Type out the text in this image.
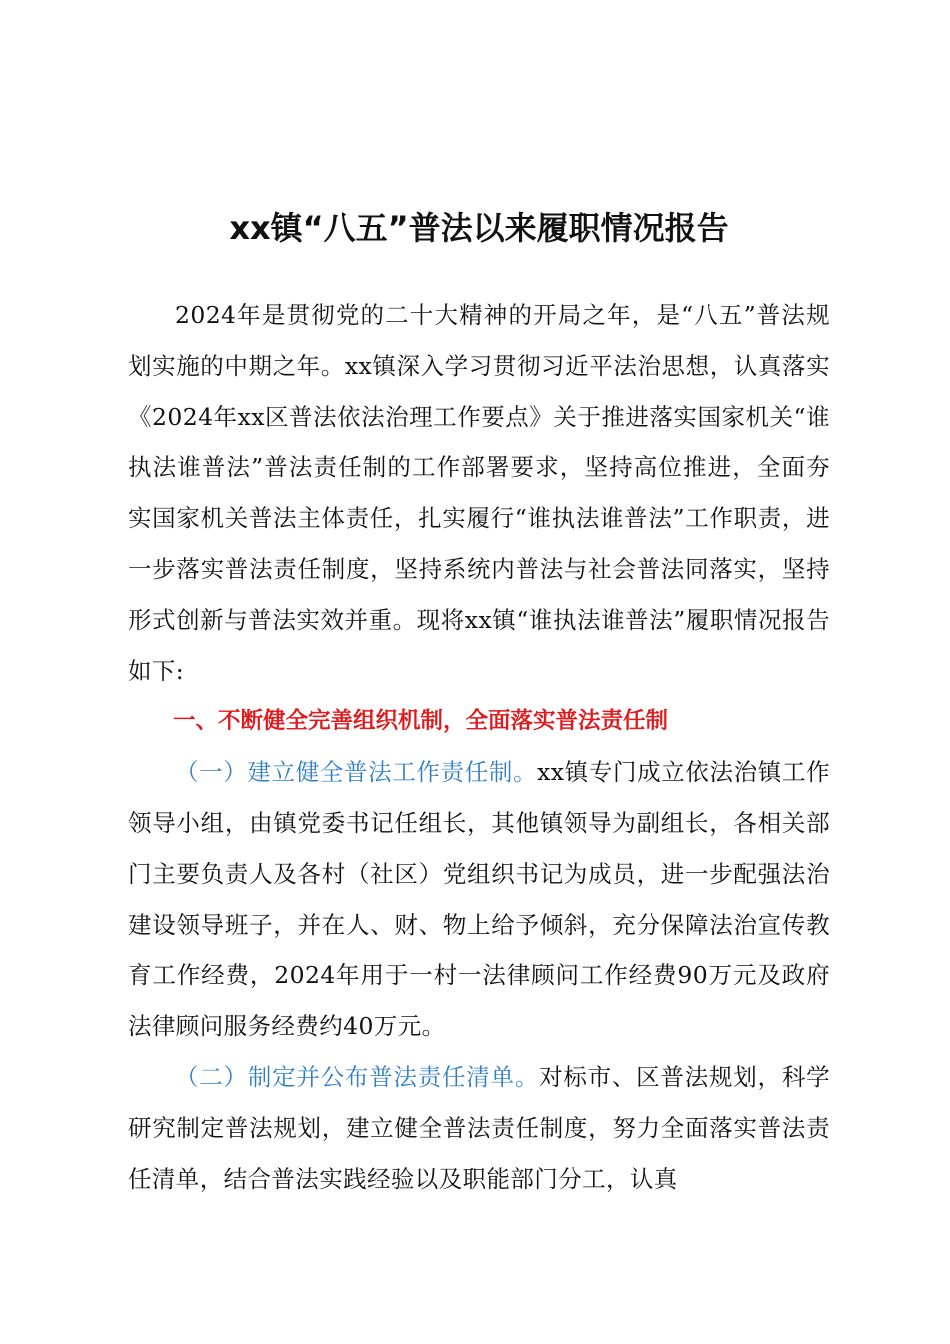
xx镇“八五”普法以来履职情况报告

2024年是贯彻党的二十大精神的开局之年，是“八五”普法规划实施的中期之年。xx镇深入学习贯彻习近平法治思想，认真落实《2024年xx区普法依法治理工作要点》关于推进落实国家机关“谁执法谁普法”普法责任制的工作部署要求，坚持高位推进，全面夯实国家机关普法主体责任，扎实履行“谁执法谁普法”工作职责，进一步落实普法责任制度，坚持系统内普法与社会普法同落实，坚持形式创新与普法实效并重。现将xx镇“谁执法谁普法”履职情况报告如下:

一、不断健全完善组织机制，全面落实普法责任制

（一）建立健全普法工作责任制。xx镇专门成立依法治镇工作领导小组，由镇党委书记任组长，其他镇领导为副组长，各相关部门主要负责人及各村（社区）党组织书记为成员，进一步配强法治建设领导班子，并在人、财、物上给予倾斜，充分保障法治宣传教育工作经费，2024年用于一村一法律顾问工作经费90万元及政府法律顾问服务经费约40万元。

（二）制定并公布普法责任清单。对标市、区普法规划，科学研究制定普法规划，建立健全普法责任制度，努力全面落实普法责任清单，结合普法实践经验以及职能部门分工，认真
